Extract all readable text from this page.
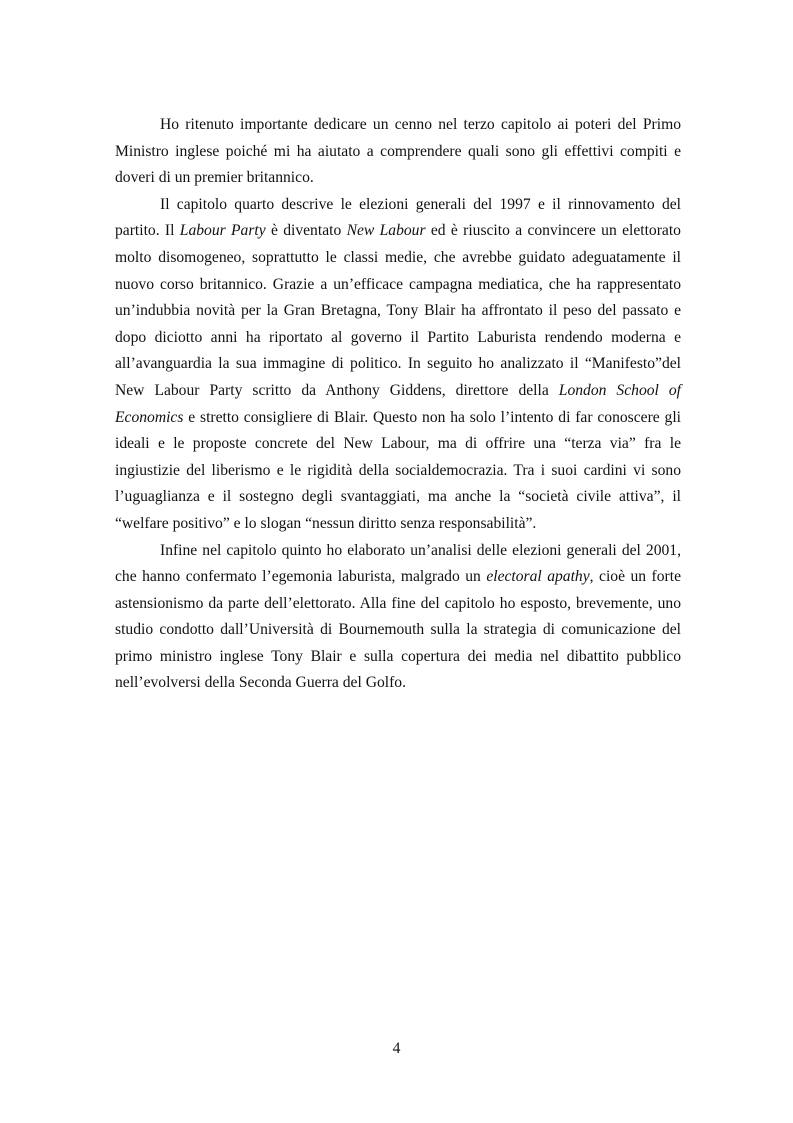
Ho ritenuto importante dedicare un cenno nel terzo capitolo ai poteri del Primo Ministro inglese poiché mi ha aiutato a comprendere quali sono gli effettivi compiti e doveri di un premier britannico.

Il capitolo quarto descrive le elezioni generali del 1997 e il rinnovamento del partito. Il Labour Party è diventato New Labour ed è riuscito a convincere un elettorato molto disomogeneo, soprattutto le classi medie, che avrebbe guidato adeguatamente il nuovo corso britannico. Grazie a un’efficace campagna mediatica, che ha rappresentato un’indubbia novità per la Gran Bretagna, Tony Blair ha affrontato il peso del passato e dopo diciotto anni ha riportato al governo il Partito Laburista rendendo moderna e all’avanguardia la sua immagine di politico. In seguito ho analizzato il “Manifesto”del New Labour Party scritto da Anthony Giddens, direttore della London School of Economics e stretto consigliere di Blair. Questo non ha solo l’intento di far conoscere gli ideali e le proposte concrete del New Labour, ma di offrire una “terza via” fra le ingiustizie del liberismo e le rigidità della socialdemocrazia. Tra i suoi cardini vi sono l’uguaglianza e il sostegno degli svantaggiati, ma anche la “società civile attiva”, il “welfare positivo” e lo slogan “nessun diritto senza responsabilità”.

Infine nel capitolo quinto ho elaborato un’analisi delle elezioni generali del 2001, che hanno confermato l’egemonia laburista, malgrado un electoral apathy, cioè un forte astensionismo da parte dell’elettorato. Alla fine del capitolo ho esposto, brevemente, uno studio condotto dall’Università di Bournemouth sulla la strategia di comunicazione del primo ministro inglese Tony Blair e sulla copertura dei media nel dibattito pubblico nell’evolversi della Seconda Guerra del Golfo.

4
